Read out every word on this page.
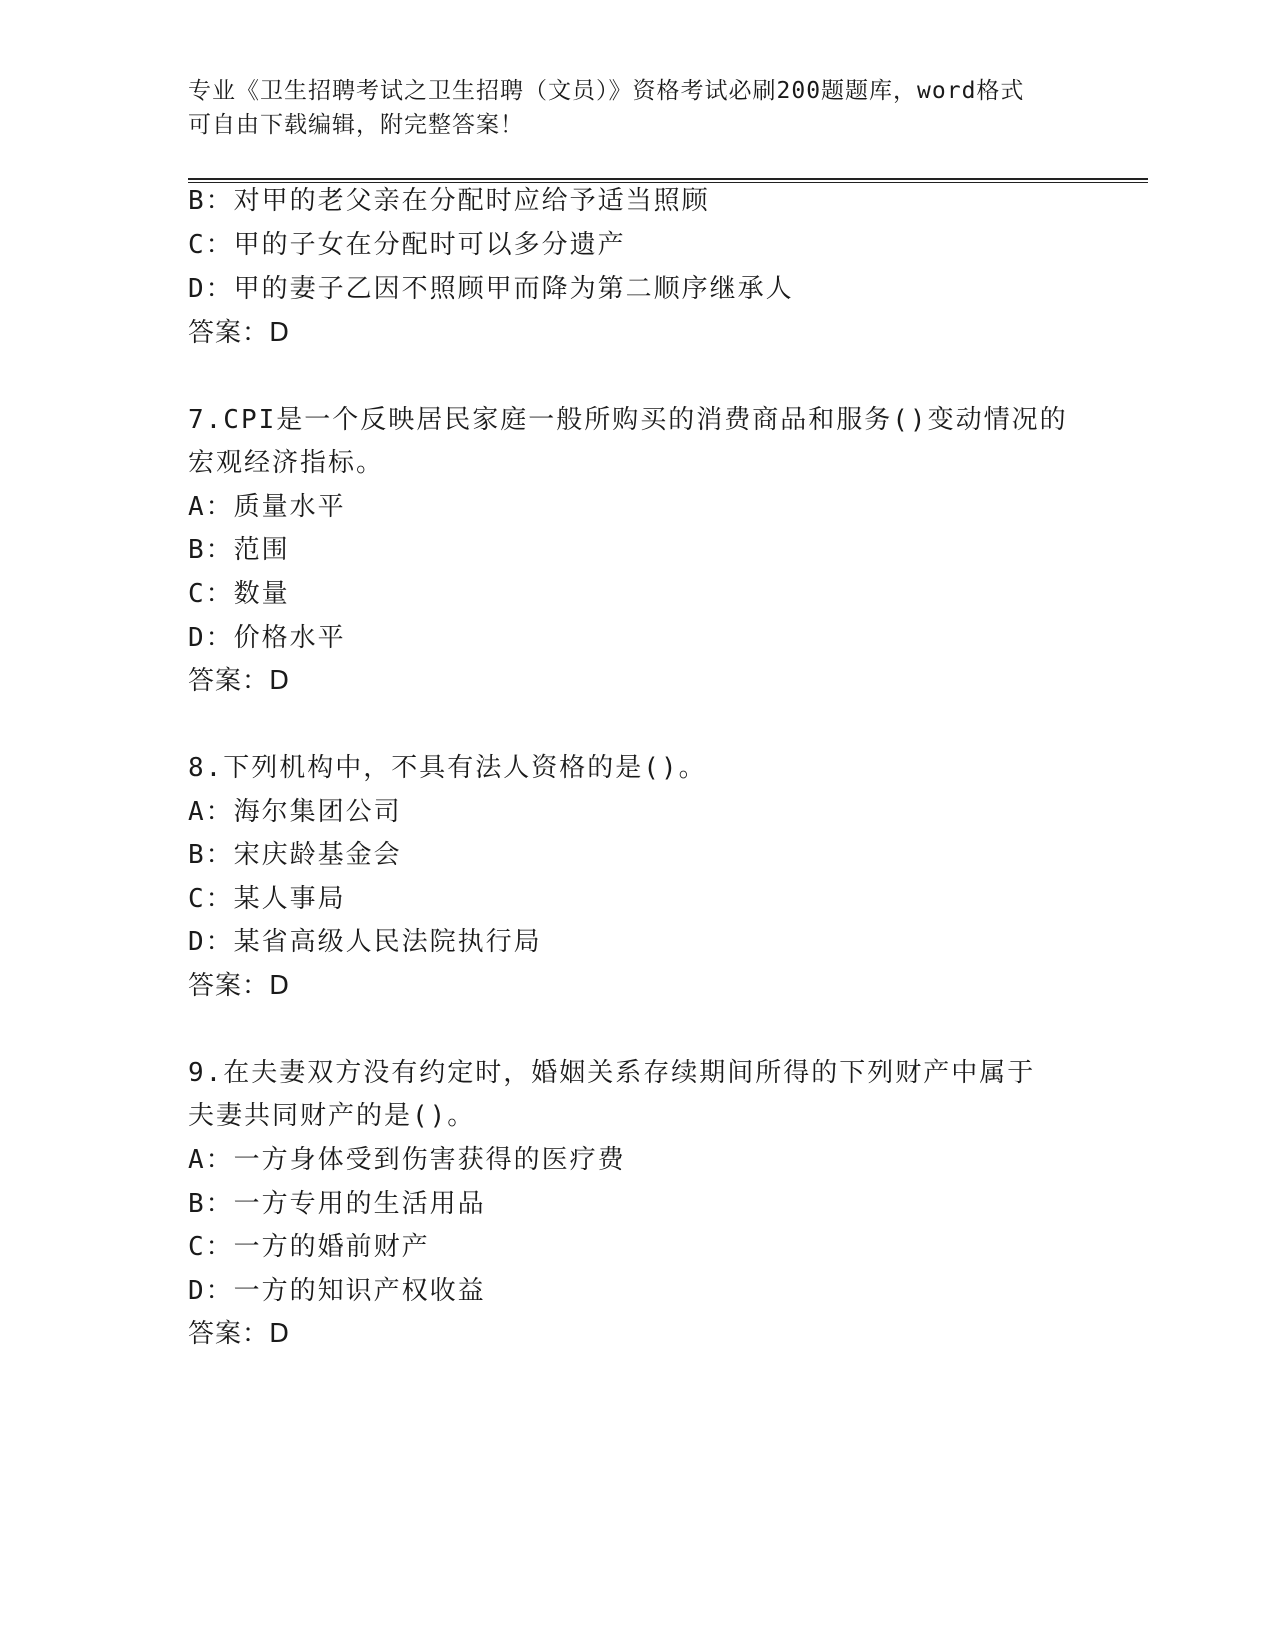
专业《卫生招聘考试之卫生招聘（文员）》资格考试必刷200题题库，word格式
可自由下载编辑，附完整答案！
B：对甲的老父亲在分配时应给予适当照顾
C：甲的子女在分配时可以多分遗产
D：甲的妻子乙因不照顾甲而降为第二顺序继承人
答案：D
7.CPI是一个反映居民家庭一般所购买的消费商品和服务()变动情况的
宏观经济指标。
A：质量水平
B：范围
C：数量
D：价格水平
答案：D
8.下列机构中，不具有法人资格的是()。
A：海尔集团公司
B：宋庆龄基金会
C：某人事局
D：某省高级人民法院执行局
答案：D
9.在夫妻双方没有约定时，婚姻关系存续期间所得的下列财产中属于
夫妻共同财产的是()。
A：一方身体受到伤害获得的医疗费
B：一方专用的生活用品
C：一方的婚前财产
D：一方的知识产权收益
答案：D
